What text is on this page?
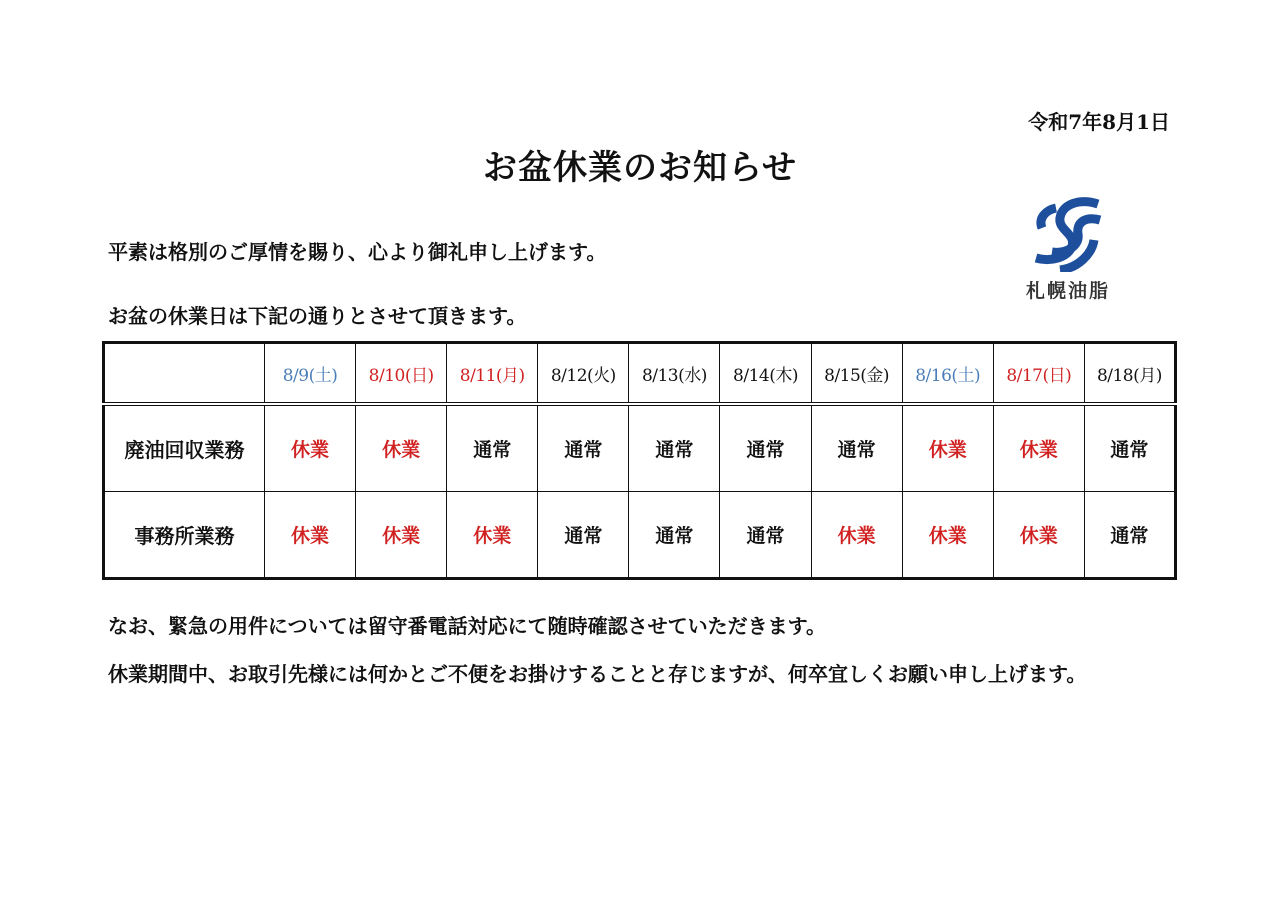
令和7年8月1日
お盆休業のお知らせ
平素は格別のご厚情を賜り、心より御礼申し上げます。
お盆の休業日は下記の通りとさせて頂きます。
札幌油脂
	8/9(土)	8/10(日)	8/11(月)	8/12(火)	8/13(水)	8/14(木)	8/15(金)	8/16(土)	8/17(日)	8/18(月)
廃油回収業務	休業	休業	通常	通常	通常	通常	通常	休業	休業	通常
事務所業務	休業	休業	休業	通常	通常	通常	休業	休業	休業	通常
なお、緊急の用件については留守番電話対応にて随時確認させていただきます。
休業期間中、お取引先様には何かとご不便をお掛けすることと存じますが、何卒宜しくお願い申し上げます。
